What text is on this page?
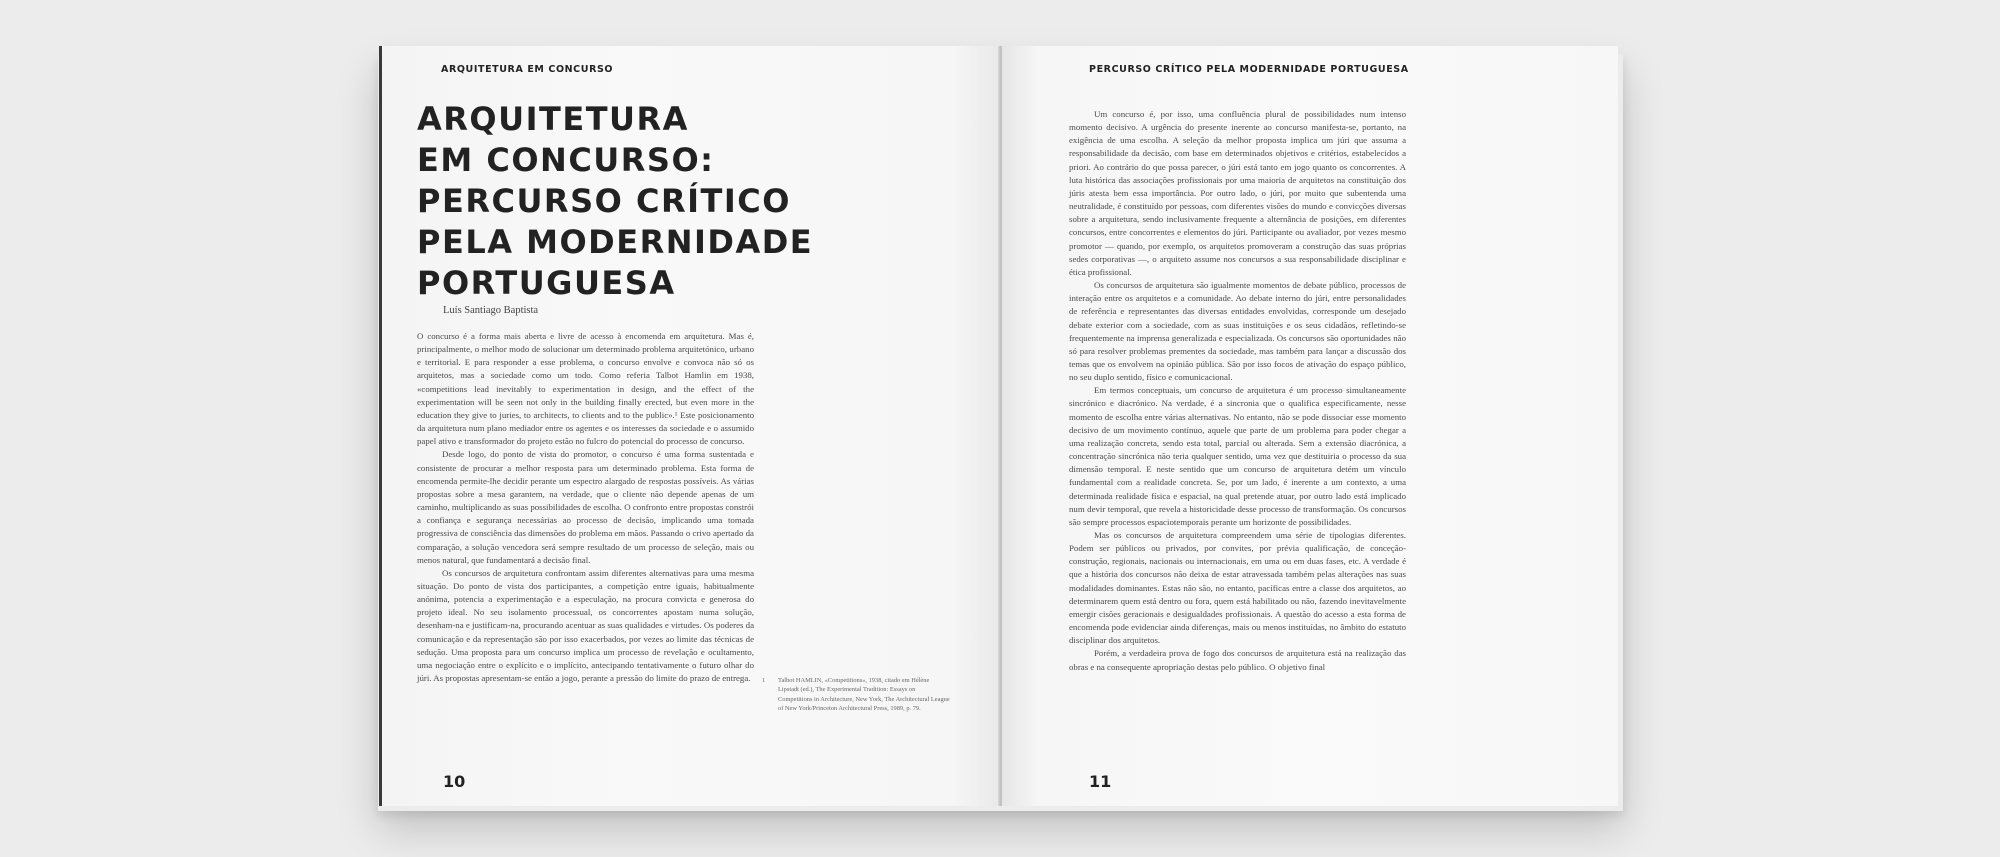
ARQUITETURA EM CONCURSO
ARQUITETURA
EM CONCURSO:
PERCURSO CRÍTICO
PELA MODERNIDADE
PORTUGUESA
Luís Santiago Baptista

O concurso é a forma mais aberta e livre de acesso à encomenda em arquitetura. Mas é, principalmente, o melhor modo de solucionar um determinado problema arquitetónico, urbano e territorial. E para responder a esse problema, o concurso envolve e convoca não só os arquitetos, mas a sociedade como um todo. Como referia Talbot Hamlin em 1938, «competitions lead inevitably to experimentation in design, and the effect of the experimentation will be seen not only in the building finally erected, but even more in the education they give to juries, to architects, to clients and to the public».¹ Este posicionamento da arquitetura num plano mediador entre os agentes e os interesses da sociedade e o assumido papel ativo e transformador do projeto estão no fulcro do potencial do processo de concurso.

Desde logo, do ponto de vista do promotor, o concurso é uma forma sustentada e consistente de procurar a melhor resposta para um determinado problema. Esta forma de encomenda permite-lhe decidir perante um espectro alargado de respostas possíveis. As várias propostas sobre a mesa garantem, na verdade, que o cliente não depende apenas de um caminho, multiplicando as suas possibilidades de escolha. O confronto entre propostas constrói a confiança e segurança necessárias ao processo de decisão, implicando uma tomada progressiva de consciência das dimensões do problema em mãos. Passando o crivo apertado da comparação, a solução vencedora será sempre resultado de um processo de seleção, mais ou menos natural, que fundamentará a decisão final.

Os concursos de arquitetura confrontam assim diferentes alternativas para uma mesma situação. Do ponto de vista dos participantes, a competição entre iguais, habitualmente anónima, potencia a experimentação e a especulação, na procura convicta e generosa do projeto ideal. No seu isolamento processual, os concorrentes apostam numa solução, desenham-na e justificam-na, procurando acentuar as suas qualidades e virtudes. Os poderes da comunicação e da representação são por isso exacerbados, por vezes ao limite das técnicas de sedução. Uma proposta para um concurso implica um processo de revelação e ocultamento, uma negociação entre o explícito e o implícito, antecipando tentativamente o futuro olhar do júri. As propostas apresentam-se então a jogo, perante a pressão do limite do prazo de entrega.	1 Talbot HAMLIN, «Competitions», 1938, citado em Hélène Lipstadt (ed.), The Experimental Tradition: Essays on Competitions in Architecture, New York, The Architectural League of New York/Princeton Architectural Press, 1989, p. 79.
10
PERCURSO CRÍTICO PELA MODERNIDADE PORTUGUESA

Um concurso é, por isso, uma confluência plural de possibilidades num intenso momento decisivo. A urgência do presente inerente ao concurso manifesta-se, portanto, na exigência de uma escolha. A seleção da melhor proposta implica um júri que assuma a responsabilidade da decisão, com base em determinados objetivos e critérios, estabelecidos a priori. Ao contrário do que possa parecer, o júri está tanto em jogo quanto os concorrentes. A luta histórica das associações profissionais por uma maioria de arquitetos na constituição dos júris atesta bem essa importância. Por outro lado, o júri, por muito que subentenda uma neutralidade, é constituído por pessoas, com diferentes visões do mundo e convicções diversas sobre a arquitetura, sendo inclusivamente frequente a alternância de posições, em diferentes concursos, entre concorrentes e elementos do júri. Participante ou avaliador, por vezes mesmo promotor — quando, por exemplo, os arquitetos promoveram a construção das suas próprias sedes corporativas —, o arquiteto assume nos concursos a sua responsabilidade disciplinar e ética profissional.

Os concursos de arquitetura são igualmente momentos de debate público, processos de interação entre os arquitetos e a comunidade. Ao debate interno do júri, entre personalidades de referência e representantes das diversas entidades envolvidas, corresponde um desejado debate exterior com a sociedade, com as suas instituições e os seus cidadãos, refletindo-se frequentemente na imprensa generalizada e especializada. Os concursos são oportunidades não só para resolver problemas prementes da sociedade, mas também para lançar a discussão dos temas que os envolvem na opinião pública. São por isso focos de ativação do espaço público, no seu duplo sentido, físico e comunicacional.

Em termos conceptuais, um concurso de arquitetura é um processo simultaneamente sincrónico e diacrónico. Na verdade, é a sincronia que o qualifica especificamente, nesse momento de escolha entre várias alternativas. No entanto, não se pode dissociar esse momento decisivo de um movimento contínuo, aquele que parte de um problema para poder chegar a uma realização concreta, sendo esta total, parcial ou alterada. Sem a extensão diacrónica, a concentração sincrónica não teria qualquer sentido, uma vez que destituiria o processo da sua dimensão temporal. E neste sentido que um concurso de arquitetura detém um vínculo fundamental com a realidade concreta. Se, por um lado, é inerente a um contexto, a uma determinada realidade física e espacial, na qual pretende atuar, por outro lado está implicado num devir temporal, que revela a historicidade desse processo de transformação. Os concursos são sempre processos espaciotemporais perante um horizonte de possibilidades.

Mas os concursos de arquitetura compreendem uma série de tipologias diferentes. Podem ser públicos ou privados, por convites, por prévia qualificação, de conceção-construção, regionais, nacionais ou internacionais, em uma ou em duas fases, etc. A verdade é que a história dos concursos não deixa de estar atravessada também pelas alterações nas suas modalidades dominantes. Estas não são, no entanto, pacíficas entre a classe dos arquitetos, ao determinarem quem está dentro ou fora, quem está habilitado ou não, fazendo inevitavelmente emergir cisões geracionais e desigualdades profissionais. A questão do acesso a esta forma de encomenda pode evidenciar ainda diferenças, mais ou menos instituídas, no âmbito do estatuto disciplinar dos arquitetos.

Porém, a verdadeira prova de fogo dos concursos de arquitetura está na realização das obras e na consequente apropriação destas pelo público. O objetivo final

11
